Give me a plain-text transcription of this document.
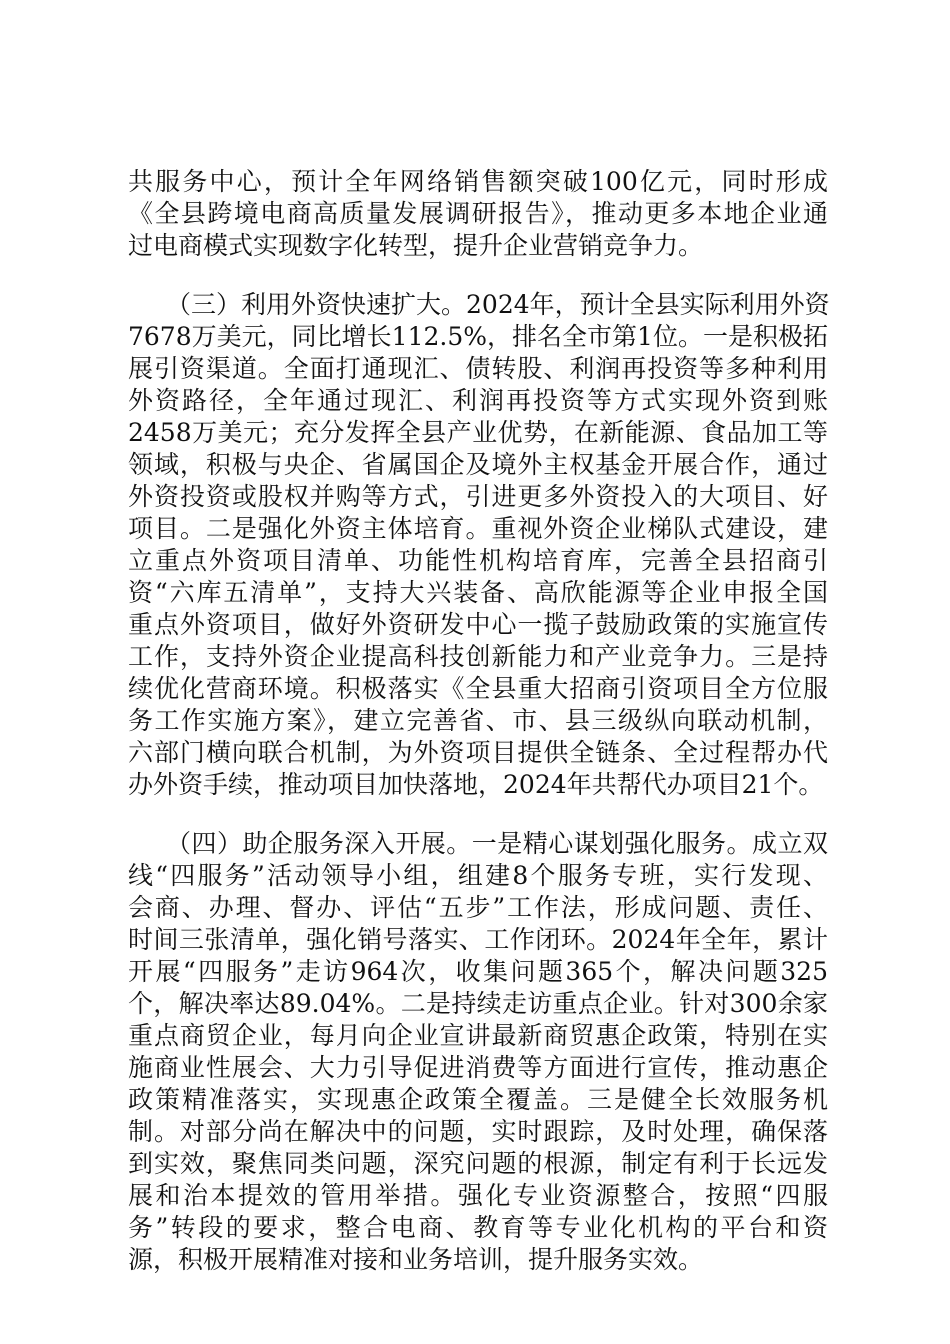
共服务中心，预计全年网络销售额突破100亿元，同时形成
《全县跨境电商高质量发展调研报告》，推动更多本地企业通
过电商模式实现数字化转型，提升企业营销竞争力。
（三）利用外资快速扩大。2024年，预计全县实际利用外资
7678万美元，同比增长112.5%，排名全市第1位。一是积极拓
展引资渠道。全面打通现汇、债转股、利润再投资等多种利用
外资路径，全年通过现汇、利润再投资等方式实现外资到账
2458万美元；充分发挥全县产业优势，在新能源、食品加工等
领域，积极与央企、省属国企及境外主权基金开展合作，通过
外资投资或股权并购等方式，引进更多外资投入的大项目、好
项目。二是强化外资主体培育。重视外资企业梯队式建设，建
立重点外资项目清单、功能性机构培育库，完善全县招商引
资“六库五清单”，支持大兴装备、高欣能源等企业申报全国
重点外资项目，做好外资研发中心一揽子鼓励政策的实施宣传
工作，支持外资企业提高科技创新能力和产业竞争力。三是持
续优化营商环境。积极落实《全县重大招商引资项目全方位服
务工作实施方案》，建立完善省、市、县三级纵向联动机制，
六部门横向联合机制，为外资项目提供全链条、全过程帮办代
办外资手续，推动项目加快落地，2024年共帮代办项目21个。
（四）助企服务深入开展。一是精心谋划强化服务。成立双
线“四服务”活动领导小组，组建8个服务专班，实行发现、
会商、办理、督办、评估“五步”工作法，形成问题、责任、
时间三张清单，强化销号落实、工作闭环。2024年全年，累计
开展“四服务”走访964次，收集问题365个，解决问题325
个，解决率达89.04%。二是持续走访重点企业。针对300余家
重点商贸企业，每月向企业宣讲最新商贸惠企政策，特别在实
施商业性展会、大力引导促进消费等方面进行宣传，推动惠企
政策精准落实，实现惠企政策全覆盖。三是健全长效服务机
制。对部分尚在解决中的问题，实时跟踪，及时处理，确保落
到实效，聚焦同类问题，深究问题的根源，制定有利于长远发
展和治本提效的管用举措。强化专业资源整合，按照“四服
务”转段的要求，整合电商、教育等专业化机构的平台和资
源，积极开展精准对接和业务培训，提升服务实效。
